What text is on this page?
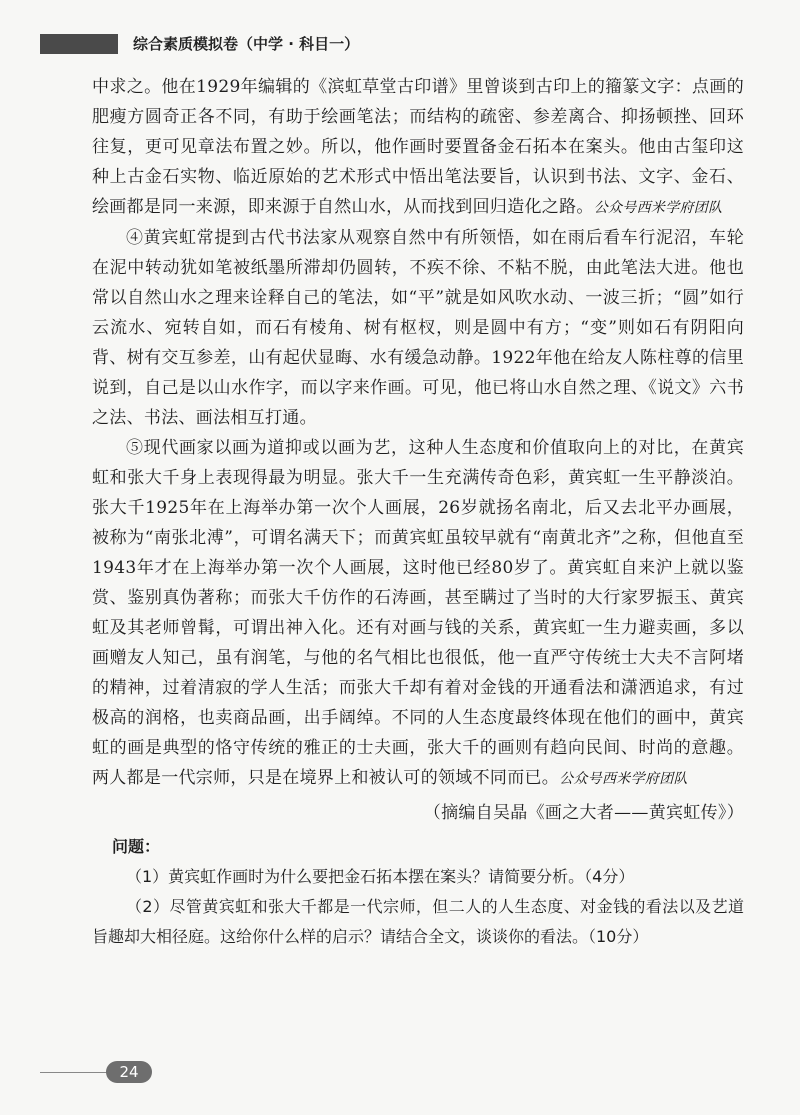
综合素质模拟卷（中学 · 科目一）

中求之。他在1929年编辑的《滨虹草堂古印谱》里曾谈到古印上的籀篆文字：点画的肥瘦方圆奇正各不同，有助于绘画笔法；而结构的疏密、参差离合、抑扬顿挫、回环往复，更可见章法布置之妙。所以，他作画时要置备金石拓本在案头。他由古玺印这种上古金石实物、临近原始的艺术形式中悟出笔法要旨，认识到书法、文字、金石、绘画都是同一来源，即来源于自然山水，从而找到回归造化之路。公众号西米学府团队

④黄宾虹常提到古代书法家从观察自然中有所领悟，如在雨后看车行泥沼，车轮在泥中转动犹如笔被纸墨所滞却仍圆转，不疾不徐、不粘不脱，由此笔法大进。他也常以自然山水之理来诠释自己的笔法，如“平”就是如风吹水动、一波三折；“圆”如行云流水、宛转自如，而石有棱角、树有枢杈，则是圆中有方；“变”则如石有阴阳向背、树有交互参差，山有起伏显晦、水有缓急动静。1922年他在给友人陈柱尊的信里说到，自己是以山水作字，而以字来作画。可见，他已将山水自然之理、《说文》六书之法、书法、画法相互打通。

⑤现代画家以画为道抑或以画为艺，这种人生态度和价值取向上的对比，在黄宾虹和张大千身上表现得最为明显。张大千一生充满传奇色彩，黄宾虹一生平静淡泊。张大千1925年在上海举办第一次个人画展，26岁就扬名南北，后又去北平办画展，被称为“南张北溥”，可谓名满天下；而黄宾虹虽较早就有“南黄北齐”之称，但他直至1943年才在上海举办第一次个人画展，这时他已经80岁了。黄宾虹自来沪上就以鉴赏、鉴别真伪著称；而张大千仿作的石涛画，甚至瞒过了当时的大行家罗振玉、黄宾虹及其老师曾髯，可谓出神入化。还有对画与钱的关系，黄宾虹一生力避卖画，多以画赠友人知己，虽有润笔，与他的名气相比也很低，他一直严守传统士大夫不言阿堵的精神，过着清寂的学人生活；而张大千却有着对金钱的开通看法和潇洒追求，有过极高的润格，也卖商品画，出手阔绰。不同的人生态度最终体现在他们的画中，黄宾虹的画是典型的恪守传统的雅正的士夫画，张大千的画则有趋向民间、时尚的意趣。两人都是一代宗师，只是在境界上和被认可的领域不同而已。公众号西米学府团队

（摘编自吴晶《画之大者——黄宾虹传》）

问题：
（1）黄宾虹作画时为什么要把金石拓本摆在案头？请简要分析。（4分）
（2）尽管黄宾虹和张大千都是一代宗师，但二人的人生态度、对金钱的看法以及艺道旨趣却大相径庭。这给你什么样的启示？请结合全文，谈谈你的看法。（10分）
24
